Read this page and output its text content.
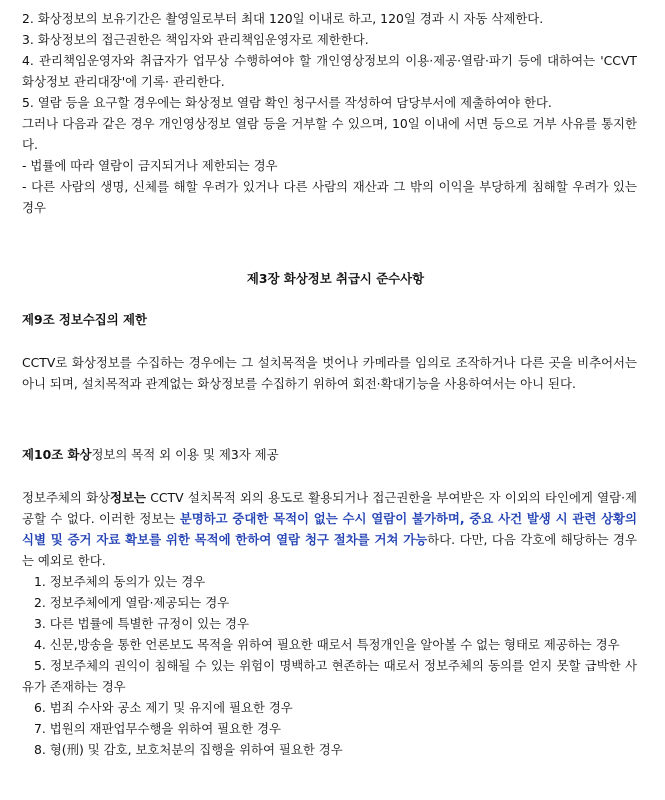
2. 화상정보의 보유기간은 촬영일로부터 최대 120일 이내로 하고, 120일 경과 시 자동 삭제한다.

3. 화상정보의 접근권한은 책임자와 관리책임운영자로 제한한다.

4. 관리책임운영자와 취급자가 업무상 수행하여야 할 개인영상정보의 이용·제공·열람·파기 등에 대하여는 'CCVT 화상정보 관리대장'에 기록· 관리한다.

5. 열람 등을 요구할 경우에는 화상정보 열람 확인 청구서를 작성하여 담당부서에 제출하여야 한다.

그러나 다음과 같은 경우 개인영상정보 열람 등을 거부할 수 있으며, 10일 이내에 서면 등으로 거부 사유를 통지한다.

- 법률에 따라 열람이 금지되거나 제한되는 경우

- 다른 사람의 생명, 신체를 해할 우려가 있거나 다른 사람의 재산과 그 밖의 이익을 부당하게 침해할 우려가 있는 경우

제3장 화상정보 취급시 준수사항

제9조 정보수집의 제한

CCTV로 화상정보를 수집하는 경우에는 그 설치목적을 벗어나 카메라를 임의로 조작하거나 다른 곳을 비추어서는 아니 되며, 설치목적과 관계없는 화상정보를 수집하기 위하여 회전·확대기능을 사용하여서는 아니 된다.

제10조 화상정보의 목적 외 이용 및 제3자 제공

정보주체의 화상정보는 CCTV 설치목적 외의 용도로 활용되거나 접근권한을 부여받은 자 이외의 타인에게 열람·제공할 수 없다. 이러한 정보는 분명하고 중대한 목적이 없는 수시 열람이 불가하며, 중요 사건 발생 시 관련 상황의 식별 및 증거 자료 확보를 위한 목적에 한하여 열람 청구 절차를 거쳐 가능하다. 다만, 다음 각호에 해당하는 경우는 예외로 한다.

1. 정보주체의 동의가 있는 경우

2. 정보주체에게 열람·제공되는 경우

3. 다른 법률에 특별한 규정이 있는 경우

4. 신문,방송을 통한 언론보도 목적을 위하여 필요한 때로서 특정개인을 알아볼 수 없는 형태로 제공하는 경우

5. 정보주체의 권익이 침해될 수 있는 위험이 명백하고 현존하는 때로서 정보주체의 동의를 얻지 못할 급박한 사유가 존재하는 경우

6. 범죄 수사와 공소 제기 및 유지에 필요한 경우

7. 법원의 재판업무수행을 위하여 필요한 경우

8. 형(刑) 및 감호, 보호처분의 집행을 위하여 필요한 경우
